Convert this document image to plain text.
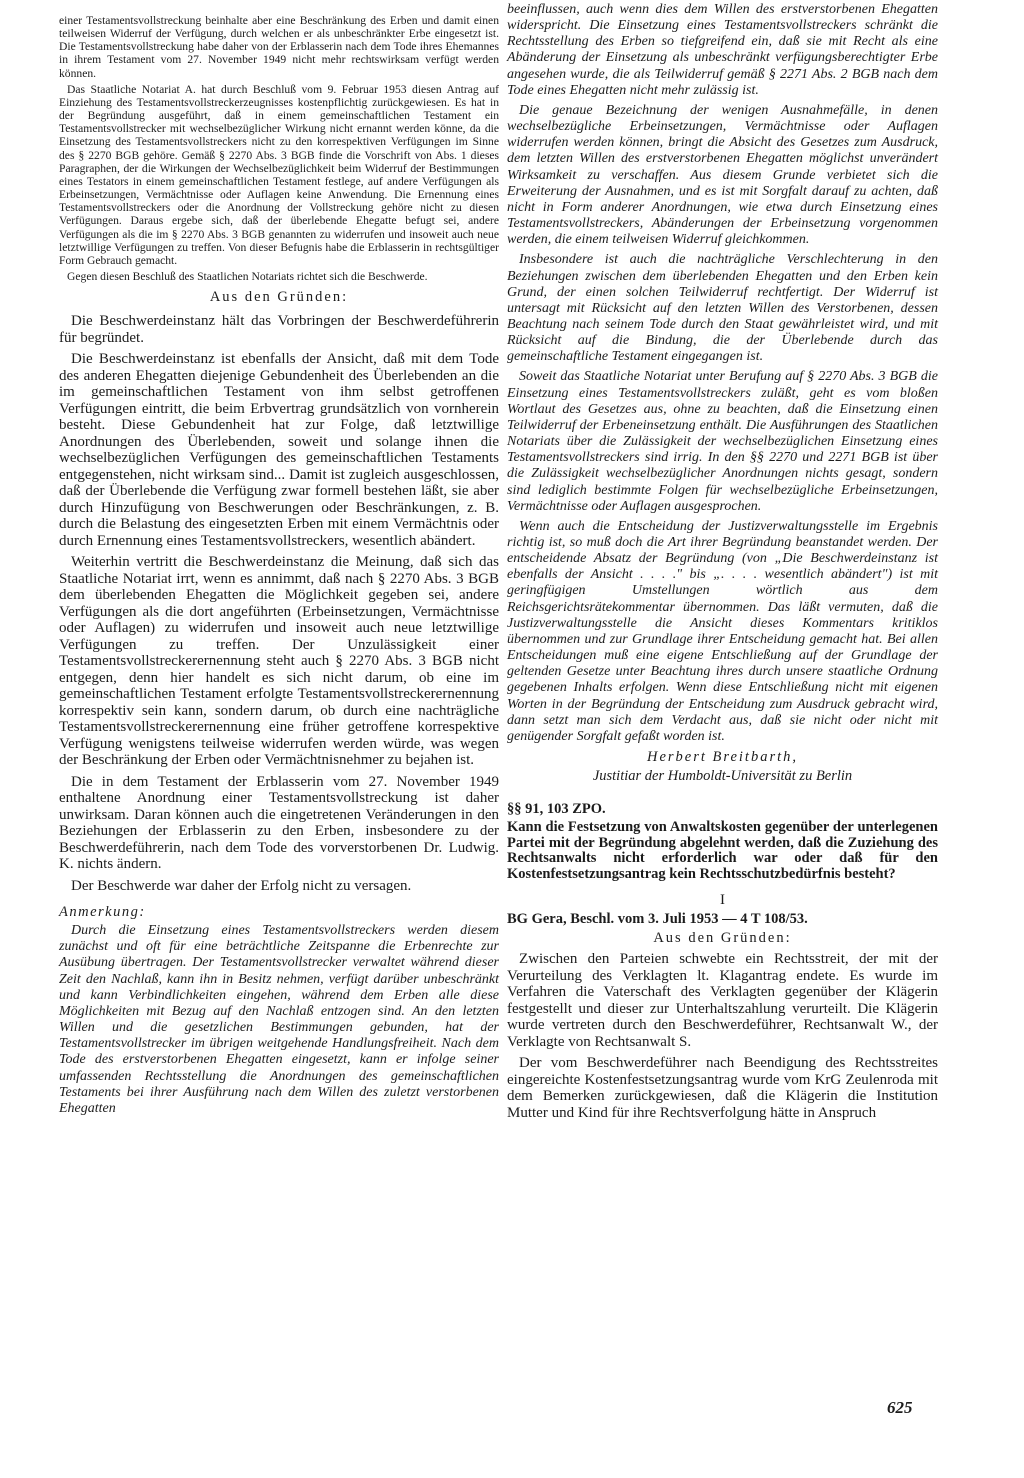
einer Testamentsvollstreckung beinhalte aber eine Beschränkung des Erben und damit einen teilweisen Widerruf der Verfügung, durch welchen er als unbeschränkter Erbe eingesetzt ist. Die Testamentsvollstreckung habe daher von der Erblasserin nach dem Tode ihres Ehemannes in ihrem Testament vom 27. November 1949 nicht mehr rechtswirksam verfügt werden können.

Das Staatliche Notariat A. hat durch Beschluß vom 9. Februar 1953 diesen Antrag auf Einziehung des Testamentsvollstreckerzeugnisses kostenpflichtig zurückgewiesen. Es hat in der Begründung ausgeführt, daß in einem gemeinschaftlichen Testament ein Testamentsvollstrecker mit wechselbezüglicher Wirkung nicht ernannt werden könne, da die Einsetzung des Testamentsvollstreckers nicht zu den korrespektiven Verfügungen im Sinne des § 2270 BGB gehöre. Gemäß § 2270 Abs. 3 BGB finde die Vorschrift von Abs. 1 dieses Paragraphen, der die Wirkungen der Wechselbezüglichkeit beim Widerruf der Bestimmungen eines Testators in einem gemeinschaftlichen Testament festlege, auf andere Verfügungen als Erbeinsetzungen, Vermächtnisse oder Auflagen keine Anwendung. Die Ernennung eines Testamentsvollstreckers oder die Anordnung der Vollstreckung gehöre nicht zu diesen Verfügungen. Daraus ergebe sich, daß der überlebende Ehegatte befugt sei, andere Verfügungen als die im § 2270 Abs. 3 BGB genannten zu widerrufen und insoweit auch neue letztwillige Verfügungen zu treffen. Von dieser Befugnis habe die Erblasserin in rechtsgültiger Form Gebrauch gemacht.

Gegen diesen Beschluß des Staatlichen Notariats richtet sich die Beschwerde.

Aus den Gründen:

Die Beschwerdeinstanz hält das Vorbringen der Beschwerdeführerin für begründet.

Die Beschwerdeinstanz ist ebenfalls der Ansicht, daß mit dem Tode des anderen Ehegatten diejenige Gebundenheit des Überlebenden an die im gemeinschaftlichen Testament von ihm selbst getroffenen Verfügungen eintritt, die beim Erbvertrag grundsätzlich von vornherein besteht. Diese Gebundenheit hat zur Folge, daß letztwillige Anordnungen des Überlebenden, soweit und solange ihnen die wechselbezüglichen Verfügungen des gemeinschaftlichen Testaments entgegenstehen, nicht wirksam sind... Damit ist zugleich ausgeschlossen, daß der Überlebende die Verfügung zwar formell bestehen läßt, sie aber durch Hinzufügung von Beschwerungen oder Beschränkungen, z. B. durch die Belastung des eingesetzten Erben mit einem Vermächtnis oder durch Ernennung eines Testamentsvollstreckers, wesentlich abändert.

Weiterhin vertritt die Beschwerdeinstanz die Meinung, daß sich das Staatliche Notariat irrt, wenn es annimmt, daß nach § 2270 Abs. 3 BGB dem überlebenden Ehegatten die Möglichkeit gegeben sei, andere Verfügungen als die dort angeführten (Erbeinsetzungen, Vermächtnisse oder Auflagen) zu widerrufen und insoweit auch neue letztwillige Verfügungen zu treffen. Der Unzulässigkeit einer Testamentsvollstreckerernennung steht auch § 2270 Abs. 3 BGB nicht entgegen, denn hier handelt es sich nicht darum, ob eine im gemeinschaftlichen Testament erfolgte Testamentsvollstreckerernennung korrespektiv sein kann, sondern darum, ob durch eine nachträgliche Testamentsvollstreckerernennung eine früher getroffene korrespektive Verfügung wenigstens teilweise widerrufen werden würde, was wegen der Beschränkung der Erben oder Vermächtnisnehmer zu bejahen ist.

Die in dem Testament der Erblasserin vom 27. November 1949 enthaltene Anordnung einer Testamentsvollstreckung ist daher unwirksam. Daran können auch die eingetretenen Veränderungen in den Beziehungen der Erblasserin zu den Erben, insbesondere zu der Beschwerdeführerin, nach dem Tode des vorverstorbenen Dr. Ludwig. K. nichts ändern.

Der Beschwerde war daher der Erfolg nicht zu versagen.

Anmerkung:

Durch die Einsetzung eines Testamentsvollstreckers werden diesem zunächst und oft für eine beträchtliche Zeitspanne die Erbenrechte zur Ausübung übertragen. Der Testamentsvollstrecker verwaltet während dieser Zeit den Nachlaß, kann ihn in Besitz nehmen, verfügt darüber unbeschränkt und kann Verbindlichkeiten eingehen, während dem Erben alle diese Möglichkeiten mit Bezug auf den Nachlaß entzogen sind. An den letzten Willen und die gesetzlichen Bestimmungen gebunden, hat der Testamentsvollstrecker im übrigen weitgehende Handlungsfreiheit. Nach dem Tode des erstverstorbenen Ehegatten eingesetzt, kann er infolge seiner umfassenden Rechtsstellung die Anordnungen des gemeinschaftlichen Testaments bei ihrer Ausführung nach dem Willen des zuletzt verstorbenen Ehegatten

beeinflussen, auch wenn dies dem Willen des erstverstorbenen Ehegatten widerspricht. Die Einsetzung eines Testamentsvollstreckers schränkt die Rechtsstellung des Erben so tiefgreifend ein, daß sie mit Recht als eine Abänderung der Einsetzung als unbeschränkt verfügungsberechtigter Erbe angesehen wurde, die als Teilwiderruf gemäß § 2271 Abs. 2 BGB nach dem Tode eines Ehegatten nicht mehr zulässig ist.

Die genaue Bezeichnung der wenigen Ausnahmefälle, in denen wechselbezügliche Erbeinsetzungen, Vermächtnisse oder Auflagen widerrufen werden können, bringt die Absicht des Gesetzes zum Ausdruck, dem letzten Willen des erstverstorbenen Ehegatten möglichst unverändert Wirksamkeit zu verschaffen. Aus diesem Grunde verbietet sich die Erweiterung der Ausnahmen, und es ist mit Sorgfalt darauf zu achten, daß nicht in Form anderer Anordnungen, wie etwa durch Einsetzung eines Testamentsvollstreckers, Abänderungen der Erbeinsetzung vorgenommen werden, die einem teilweisen Widerruf gleichkommen.

Insbesondere ist auch die nachträgliche Verschlechterung in den Beziehungen zwischen dem überlebenden Ehegatten und den Erben kein Grund, der einen solchen Teilwiderruf rechtfertigt. Der Widerruf ist untersagt mit Rücksicht auf den letzten Willen des Verstorbenen, dessen Beachtung nach seinem Tode durch den Staat gewährleistet wird, und mit Rücksicht auf die Bindung, die der Überlebende durch das gemeinschaftliche Testament eingegangen ist.

Soweit das Staatliche Notariat unter Berufung auf § 2270 Abs. 3 BGB die Einsetzung eines Testamentsvollstreckers zuläßt, geht es vom bloßen Wortlaut des Gesetzes aus, ohne zu beachten, daß die Einsetzung einen Teilwiderruf der Erbeneinsetzung enthält. Die Ausführungen des Staatlichen Notariats über die Zulässigkeit der wechselbezüglichen Einsetzung eines Testamentsvollstreckers sind irrig. In den §§ 2270 und 2271 BGB ist über die Zulässigkeit wechselbezüglicher Anordnungen nichts gesagt, sondern sind lediglich bestimmte Folgen für wechselbezügliche Erbeinsetzungen, Vermächtnisse oder Auflagen ausgesprochen.

Wenn auch die Entscheidung der Justizverwaltungsstelle im Ergebnis richtig ist, so muß doch die Art ihrer Begründung beanstandet werden. Der entscheidende Absatz der Begründung (von „Die Beschwerdeinstanz ist ebenfalls der Ansicht . . . ." bis „. . . . wesentlich abändert") ist mit geringfügigen Umstellungen wörtlich aus dem Reichsgerichtsrätekommentar übernommen. Das läßt vermuten, daß die Justizverwaltungsstelle die Ansicht dieses Kommentars kritiklos übernommen und zur Grundlage ihrer Entscheidung gemacht hat. Bei allen Entscheidungen muß eine eigene Entschließung auf der Grundlage der geltenden Gesetze unter Beachtung ihres durch unsere staatliche Ordnung gegebenen Inhalts erfolgen. Wenn diese Entschließung nicht mit eigenen Worten in der Begründung der Entscheidung zum Ausdruck gebracht wird, dann setzt man sich dem Verdacht aus, daß sie nicht oder nicht mit genügender Sorgfalt gefaßt worden ist.

Herbert Breitbarth,

Justitiar der Humboldt-Universität zu Berlin

§§ 91, 103 ZPO.

Kann die Festsetzung von Anwaltskosten gegenüber der unterlegenen Partei mit der Begründung abgelehnt werden, daß die Zuziehung des Rechtsanwalts nicht erforderlich war oder daß für den Kostenfestsetzungsantrag kein Rechtsschutzbedürfnis besteht?

I

BG Gera, Beschl. vom 3. Juli 1953 — 4 T 108/53.

Aus den Gründen:

Zwischen den Parteien schwebte ein Rechtsstreit, der mit der Verurteilung des Verklagten lt. Klagantrag endete. Es wurde im Verfahren die Vaterschaft des Verklagten gegenüber der Klägerin festgestellt und dieser zur Unterhaltszahlung verurteilt. Die Klägerin wurde vertreten durch den Beschwerdeführer, Rechtsanwalt W., der Verklagte von Rechtsanwalt S.

Der vom Beschwerdeführer nach Beendigung des Rechtsstreites eingereichte Kostenfestsetzungsantrag wurde vom KrG Zeulenroda mit dem Bemerken zurückgewiesen, daß die Klägerin die Institution Mutter und Kind für ihre Rechtsverfolgung hätte in Anspruch

625
